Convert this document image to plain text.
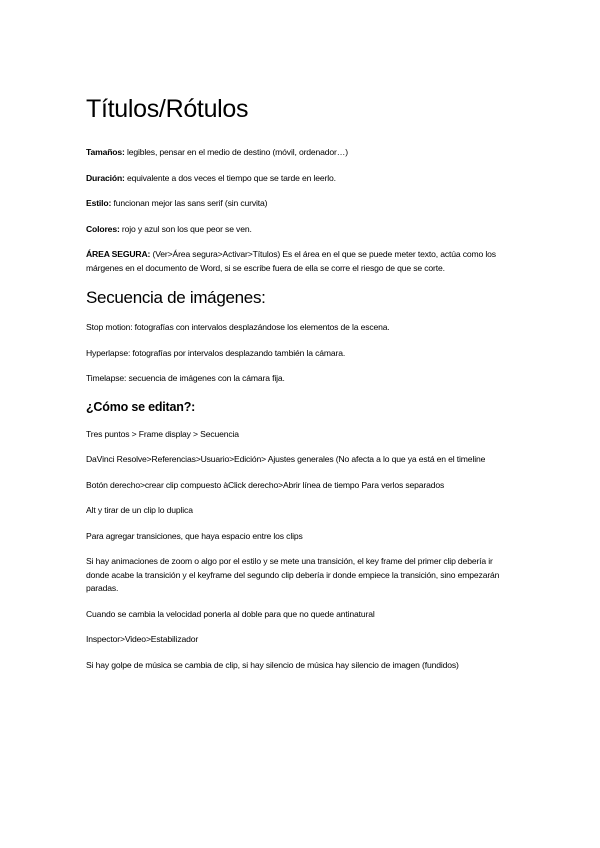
Títulos/Rótulos

Tamaños: legibles, pensar en el medio de destino (móvil, ordenador…)

Duración: equivalente a dos veces el tiempo que se tarde en leerlo.

Estilo: funcionan mejor las sans serif (sin curvita)

Colores: rojo y azul son los que peor se ven.

ÁREA SEGURA: (Ver>Área segura>Activar>Títulos) Es el área en el que se puede meter texto, actúa como los márgenes en el documento de Word, si se escribe fuera de ella se corre el riesgo de que se corte.

Secuencia de imágenes:

Stop motion: fotografías con intervalos desplazándose los elementos de la escena.

Hyperlapse: fotografías por intervalos desplazando también la cámara.

Timelapse: secuencia de imágenes con la cámara fija.

¿Cómo se editan?:

Tres puntos > Frame display > Secuencia

DaVinci Resolve>Referencias>Usuario>Edición> Ajustes generales (No afecta a lo que ya está en el timeline

Botón derecho>crear clip compuesto àClick derecho>Abrir línea de tiempo Para verlos separados

Alt y tirar de un clip lo duplica

Para agregar transiciones, que haya espacio entre los clips

Si hay animaciones de zoom o algo por el estilo y se mete una transición, el key frame del primer clip debería ir donde acabe la transición y el keyframe del segundo clip debería ir donde empiece la transición, sino empezarán paradas.

Cuando se cambia la velocidad ponerla al doble para que no quede antinatural

Inspector>Video>Estabilizador

Si hay golpe de música se cambia de clip, si hay silencio de música hay silencio de imagen (fundidos)
